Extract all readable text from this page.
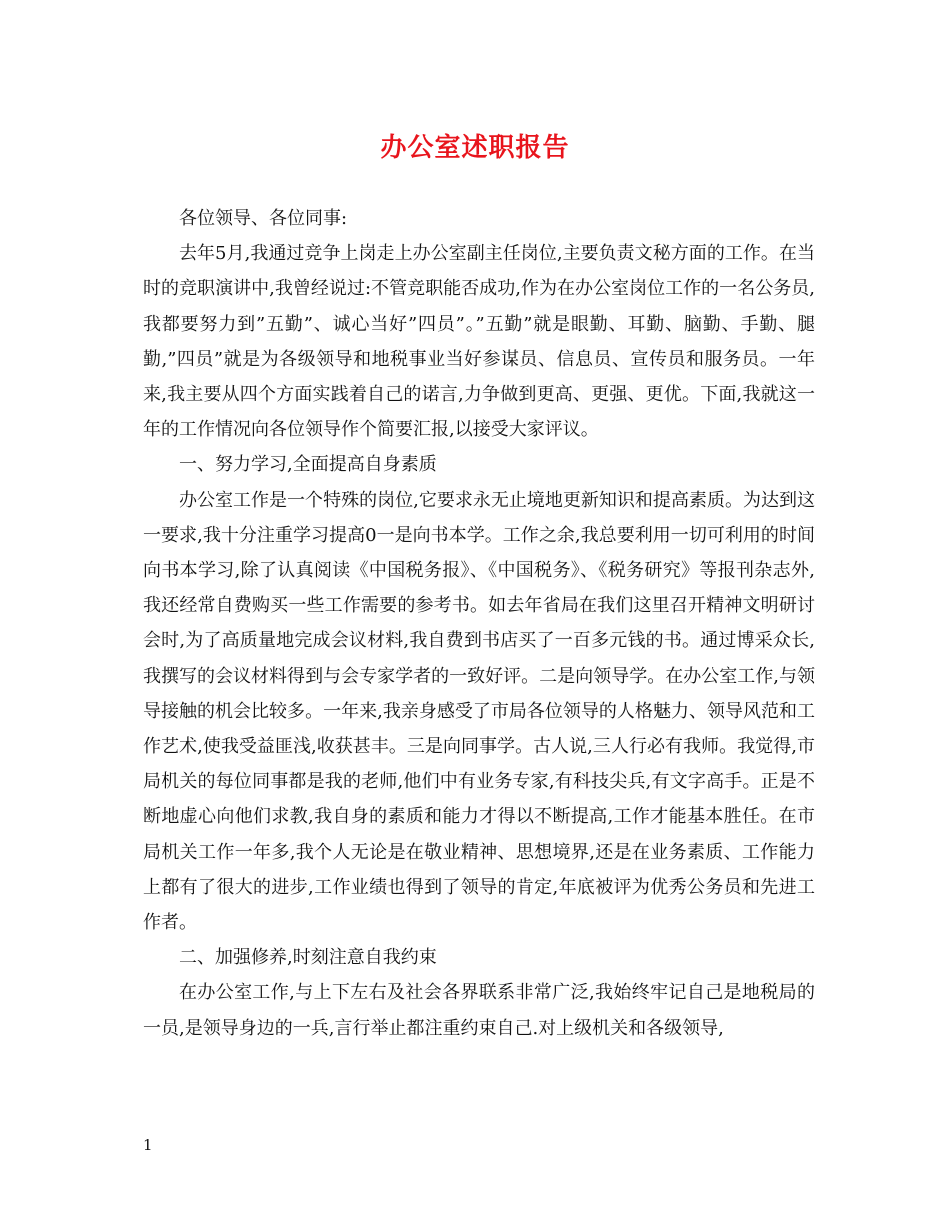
办公室述职报告

各位领导、各位同事:

去年5月,我通过竞争上岗走上办公室副主任岗位,主要负责文秘方面的工作。在当时的竞职演讲中,我曾经说过:不管竞职能否成功,作为在办公室岗位工作的一名公务员,我都要努力到”五勤”、诚心当好”四员”。”五勤”就是眼勤、耳勤、脑勤、手勤、腿勤,”四员”就是为各级领导和地税事业当好参谋员、信息员、宣传员和服务员。一年来,我主要从四个方面实践着自己的诺言,力争做到更高、更强、更优。下面,我就这一年的工作情况向各位领导作个简要汇报,以接受大家评议。

一、努力学习,全面提高自身素质

办公室工作是一个特殊的岗位,它要求永无止境地更新知识和提高素质。为达到这一要求,我十分注重学习提高0一是向书本学。工作之余,我总要利用一切可利用的时间向书本学习,除了认真阅读《中国税务报》、《中国税务》、《税务研究》等报刊杂志外,我还经常自费购买一些工作需要的参考书。如去年省局在我们这里召开精神文明研讨会时,为了高质量地完成会议材料,我自费到书店买了一百多元钱的书。通过博采众长,我撰写的会议材料得到与会专家学者的一致好评。二是向领导学。在办公室工作,与领导接触的机会比较多。一年来,我亲身感受了市局各位领导的人格魅力、领导风范和工作艺术,使我受益匪浅,收获甚丰。三是向同事学。古人说,三人行必有我师。我觉得,市局机关的每位同事都是我的老师,他们中有业务专家,有科技尖兵,有文字高手。正是不断地虚心向他们求教,我自身的素质和能力才得以不断提高,工作才能基本胜任。在市局机关工作一年多,我个人无论是在敬业精神、思想境界,还是在业务素质、工作能力上都有了很大的进步,工作业绩也得到了领导的肯定,年底被评为优秀公务员和先进工作者。

二、加强修养,时刻注意自我约束

在办公室工作,与上下左右及社会各界联系非常广泛,我始终牢记自己是地税局的一员,是领导身边的一兵,言行举止都注重约束自己.对上级机关和各级领导,

1
